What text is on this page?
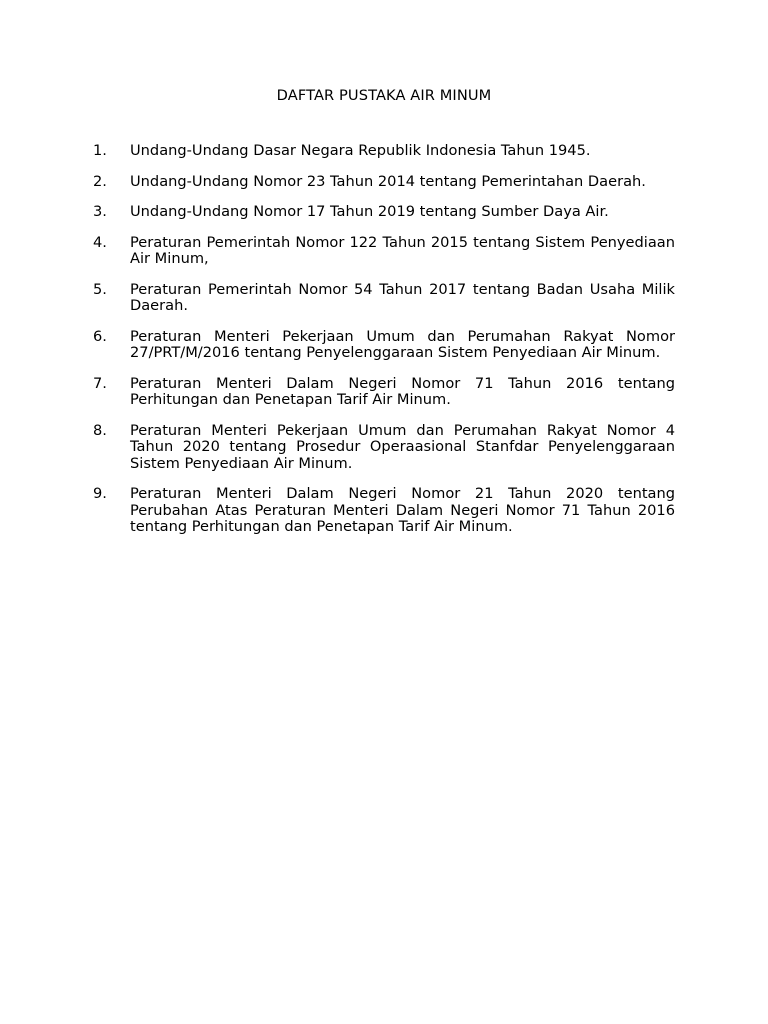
DAFTAR PUSTAKA AIR MINUM
1.	Undang-Undang Dasar Negara Republik Indonesia Tahun 1945.
2.	Undang-Undang Nomor 23 Tahun 2014 tentang Pemerintahan Daerah.
3.	Undang-Undang Nomor 17 Tahun 2019 tentang Sumber Daya Air.
4.	Peraturan Pemerintah Nomor 122 Tahun 2015 tentang Sistem Penyediaan Air Minum,
5.	Peraturan Pemerintah Nomor 54 Tahun 2017 tentang Badan Usaha Milik Daerah.
6.	Peraturan Menteri Pekerjaan Umum dan Perumahan Rakyat Nomor 27/PRT/M/2016 tentang Penyelenggaraan Sistem Penyediaan Air Minum.
7.	Peraturan Menteri Dalam Negeri Nomor 71 Tahun 2016 tentang Perhitungan dan Penetapan Tarif Air Minum.
8.	Peraturan Menteri Pekerjaan Umum dan Perumahan Rakyat Nomor 4 Tahun 2020 tentang Prosedur Operaasional Stanfdar Penyelenggaraan Sistem Penyediaan Air Minum.
9.	Peraturan Menteri Dalam Negeri Nomor 21 Tahun 2020 tentang Perubahan Atas Peraturan Menteri Dalam Negeri Nomor 71 Tahun 2016 tentang Perhitungan dan Penetapan Tarif Air Minum.
